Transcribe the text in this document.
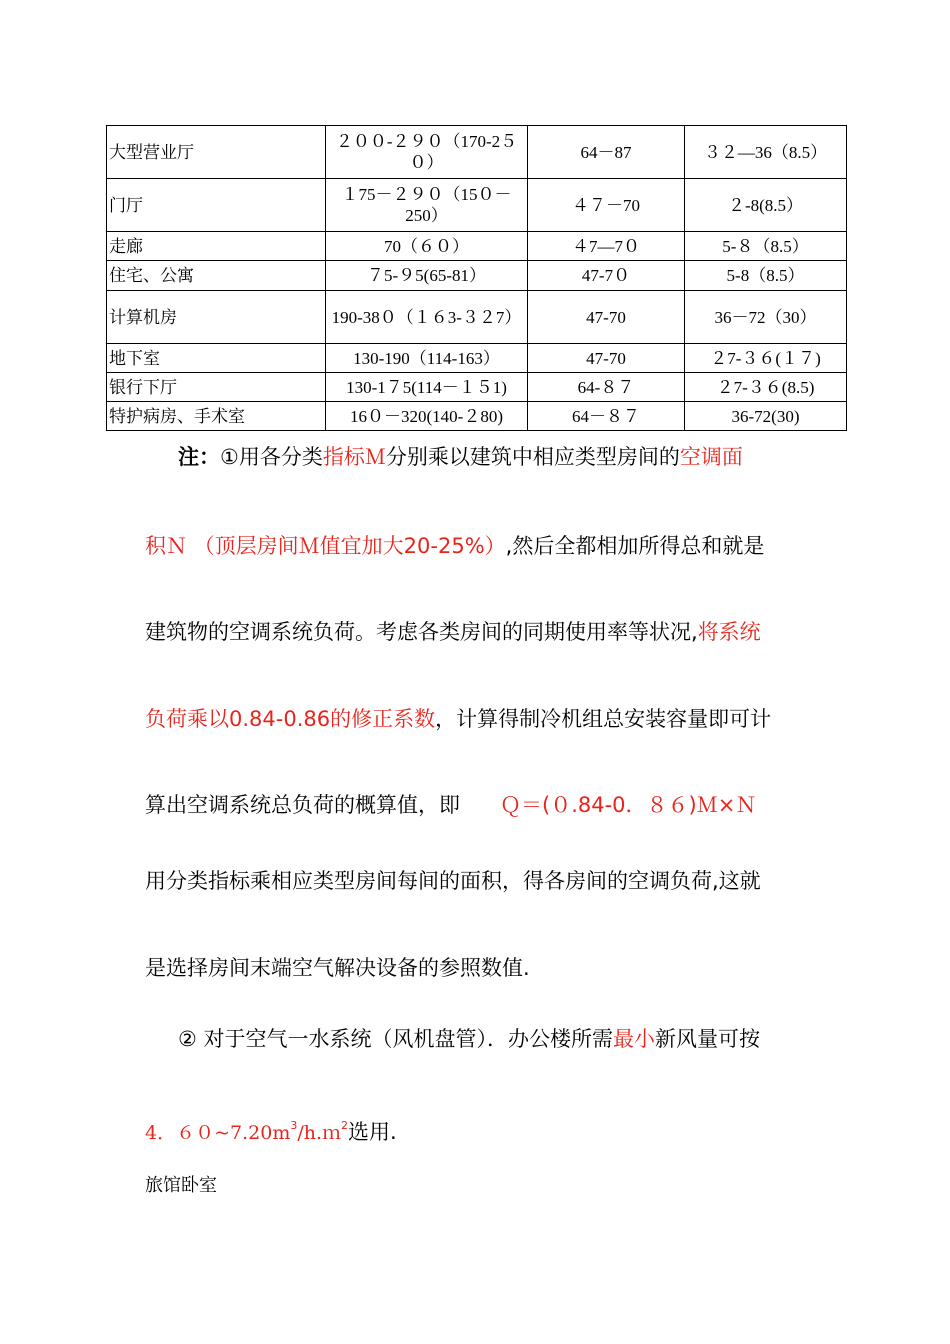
大型营业厅	２００-２９０（170-2５０）	64－87	３２—36（8.5）
门厅	１75－２９０（15０－250）	４７－70	２-8(8.5）
走廊	70（６０）	４7—7０	5-８（8.5）
住宅、公寓	７5-９5(65-81）	47-7０	5-8（8.5）
计算机房	190-38０（１６3-３２7）	47-70	36－72（30）
地下室	130-190（114-163）	47-70	２7-３６(１７)
银行下厅	130-1７5(114－１５1)	64-８７	２7-３６(8.5)
特护病房、手术室	16０－320(140-２80)	64－８７	36-72(30)
注：①用各分类指标Ｍ分别乘以建筑中相应类型房间的空调面
积Ｎ （顶层房间Ｍ值宜加大20-25%）,然后全都相加所得总和就是
建筑物的空调系统负荷。考虑各类房间的同期使用率等状况,将系统
负荷乘以0.84-0.86的修正系数，计算得制冷机组总安装容量即可计
算出空调系统总负荷的概算值，即 Ｑ＝(０.84-0．８６)Ｍ×Ｎ
用分类指标乘相应类型房间每间的面积，得各房间的空调负荷,这就
是选择房间末端空气解决设备的参照数值.
② 对于空气一水系统（风机盘管）．办公楼所需最小新风量可按
4．$60\sim 7.20m^3/h.m^2$选用.
旅馆卧室
